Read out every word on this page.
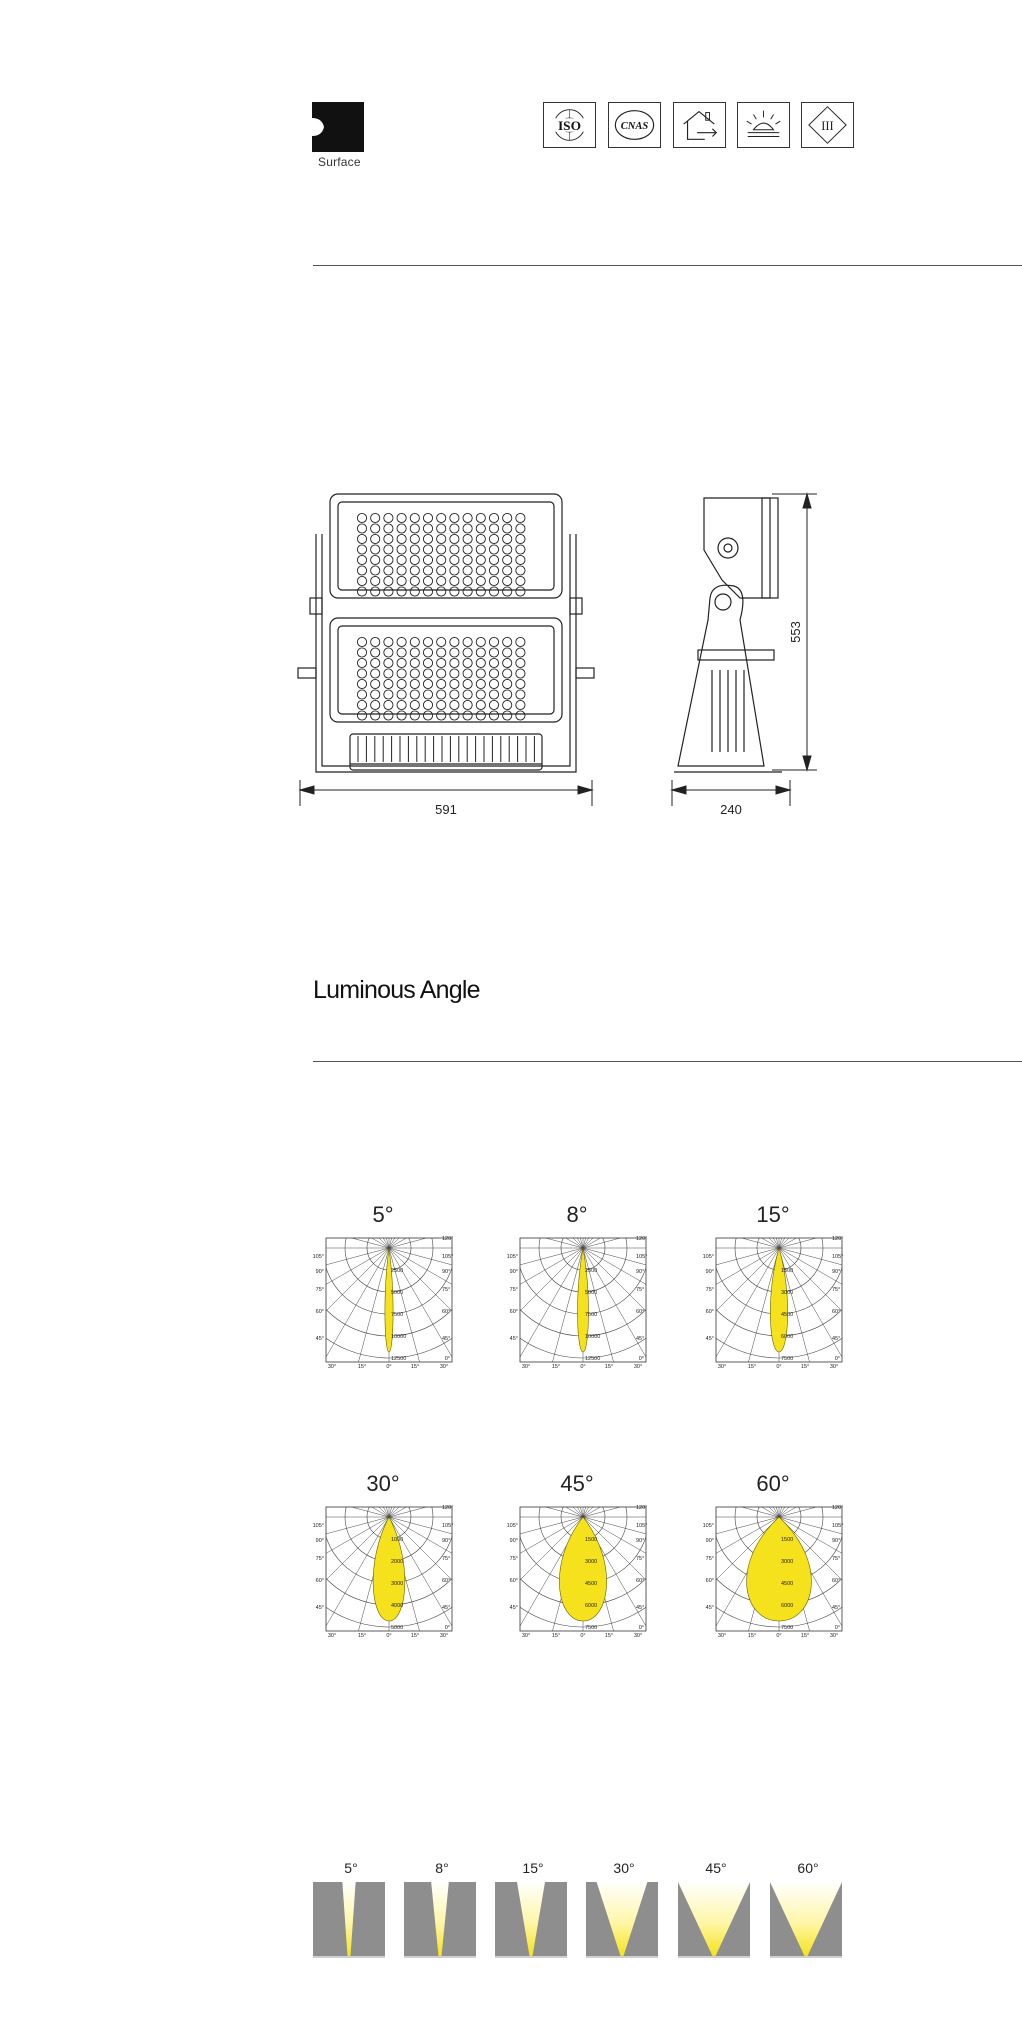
Surface
ISO	CNAS	III
591	240
553
Luminous Angle
5°
2500
5000
7500
10000
12500
105°
90°
75°
60°
45°
120°
105°
90°
75°
60°
45°
30°	15°	0°	15°	30°
0°
8°
2500
5000
7500
10000
12500
105°
90°
75°
60°
45°
120°
105°
90°
75°
60°
45°
30°	15°	0°	15°	30°
0°
15°
1500
3000
4500
6000
7500
105°
90°
75°
60°
45°
120°
105°
90°
75°
60°
45°
30°	15°	0°	15°	30°
0°
30°
1000
2000
3000
4000
5000
105°
90°
75°
60°
45°
120°
105°
90°
75°
60°
45°
30°	15°	0°	15°	30°
0°
45°
1500
3000
4500
6000
7500
105°
90°
75°
60°
45°
120°
105°
90°
75°
60°
45°
30°	15°	0°	15°	30°
0°
60°
1500
3000
4500
6000
7500
105°
90°
75°
60°
45°
120°
105°
90°
75°
60°
45°
30°	15°	0°	15°	30°
0°
5°	8°	15°	30°	45°	60°
